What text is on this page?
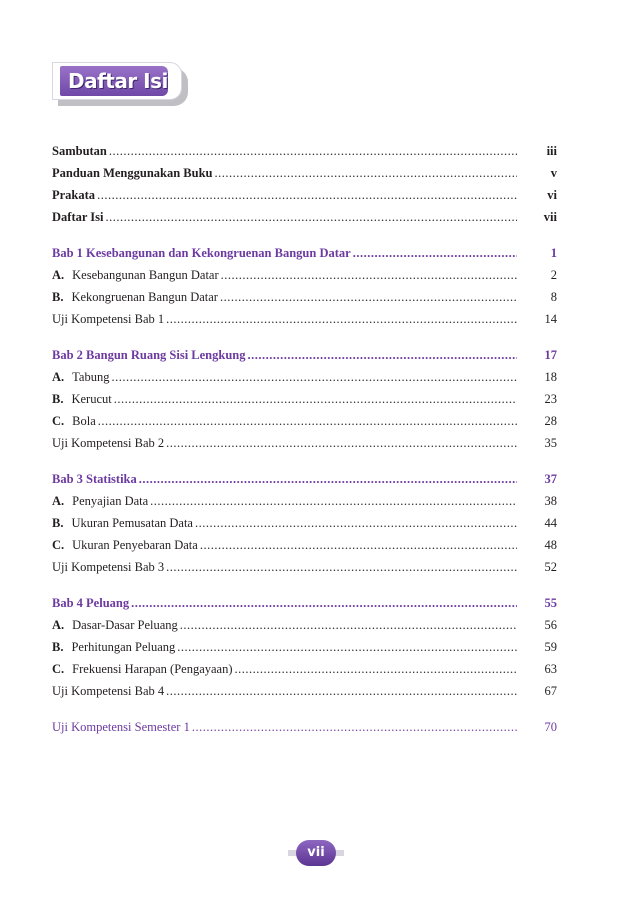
Daftar Isi
Sambutan .....	iii
Panduan Menggunakan Buku .....	v
Prakata .....	vi
Daftar Isi .....	vii
Bab 1 Kesebangunan dan Kekongruenan Bangun Datar .....	1
A. Kesebangunan Bangun Datar .....	2
B. Kekongruenan Bangun Datar .....	8
Uji Kompetensi Bab 1 .....	14
Bab 2 Bangun Ruang Sisi Lengkung .....	17
A. Tabung .....	18
B. Kerucut .....	23
C. Bola .....	28
Uji Kompetensi Bab 2 .....	35
Bab 3 Statistika .....	37
A. Penyajian Data .....	38
B. Ukuran Pemusatan Data .....	44
C. Ukuran Penyebaran Data .....	48
Uji Kompetensi Bab 3 .....	52
Bab 4 Peluang .....	55
A. Dasar-Dasar Peluang .....	56
B. Perhitungan Peluang .....	59
C. Frekuensi Harapan (Pengayaan) .....	63
Uji Kompetensi Bab 4 .....	67
Uji Kompetensi Semester 1 .....	70
vii
